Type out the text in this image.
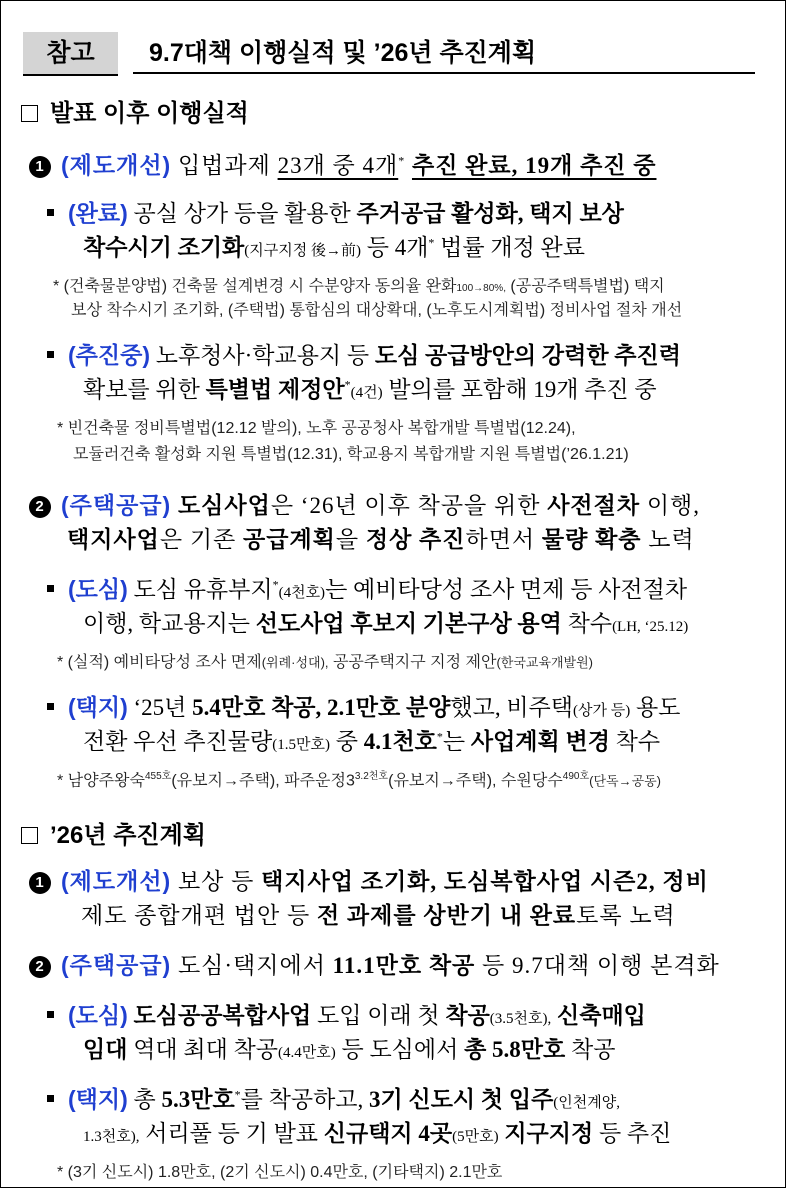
참고	9.7대책 이행실적 및 ’26년 추진계획
발표 이후 이행실적
1 (제도개선) 입법과제 23개 중 4개* 추진 완료, 19개 추진 중
(완료) 공실 상가 등을 활용한 주거공급 활성화, 택지 보상
착수시기 조기화(지구지정 後→前) 등 4개* 법률 개정 완료
* (건축물분양법) 건축물 설계변경 시 수분양자 동의율 완화100→80%, (공공주택특별법) 택지
보상 착수시기 조기화, (주택법) 통합심의 대상확대, (노후도시계획법) 정비사업 절차 개선
(추진중) 노후청사·학교용지 등 도심 공급방안의 강력한 추진력
확보를 위한 특별법 제정안*(4건) 발의를 포함해 19개 추진 중
* 빈건축물 정비특별법(12.12 발의), 노후 공공청사 복합개발 특별법(12.24),
모듈러건축 활성화 지원 특별법(12.31), 학교용지 복합개발 지원 특별법(’26.1.21)
2 (주택공급) 도심사업은 ‘26년 이후 착공을 위한 사전절차 이행,
택지사업은 기존 공급계획을 정상 추진하면서 물량 확충 노력
(도심) 도심 유휴부지*(4천호)는 예비타당성 조사 면제 등 사전절차
이행, 학교용지는 선도사업 후보지 기본구상 용역 착수(LH, ‘25.12)
* (실적) 예비타당성 조사 면제(위례·성대), 공공주택지구 지정 제안(한국교육개발원)
(택지) ‘25년 5.4만호 착공, 2.1만호 분양했고, 비주택(상가 등) 용도
전환 우선 추진물량(1.5만호) 중 4.1천호*는 사업계획 변경 착수
* 남양주왕숙$^{455호}$(유보지→주택), 파주운정$3^{3.2천호}$(유보지→주택), 수원당수$^{490호}$(단독→공동)
’26년 추진계획
1 (제도개선) 보상 등 택지사업 조기화, 도심복합사업 시즌2, 정비
제도 종합개편 법안 등 전 과제를 상반기 내 완료토록 노력
2 (주택공급) 도심·택지에서 11.1만호 착공 등 9.7대책 이행 본격화
(도심) 도심공공복합사업 도입 이래 첫 착공(3.5천호), 신축매입
임대 역대 최대 착공(4.4만호) 등 도심에서 총 5.8만호 착공
(택지) 총 5.3만호*를 착공하고, 3기 신도시 첫 입주(인천계양,
1.3천호), 서리풀 등 기 발표 신규택지 4곳(5만호) 지구지정 등 추진
* (3기 신도시) 1.8만호, (2기 신도시) 0.4만호, (기타택지) 2.1만호
